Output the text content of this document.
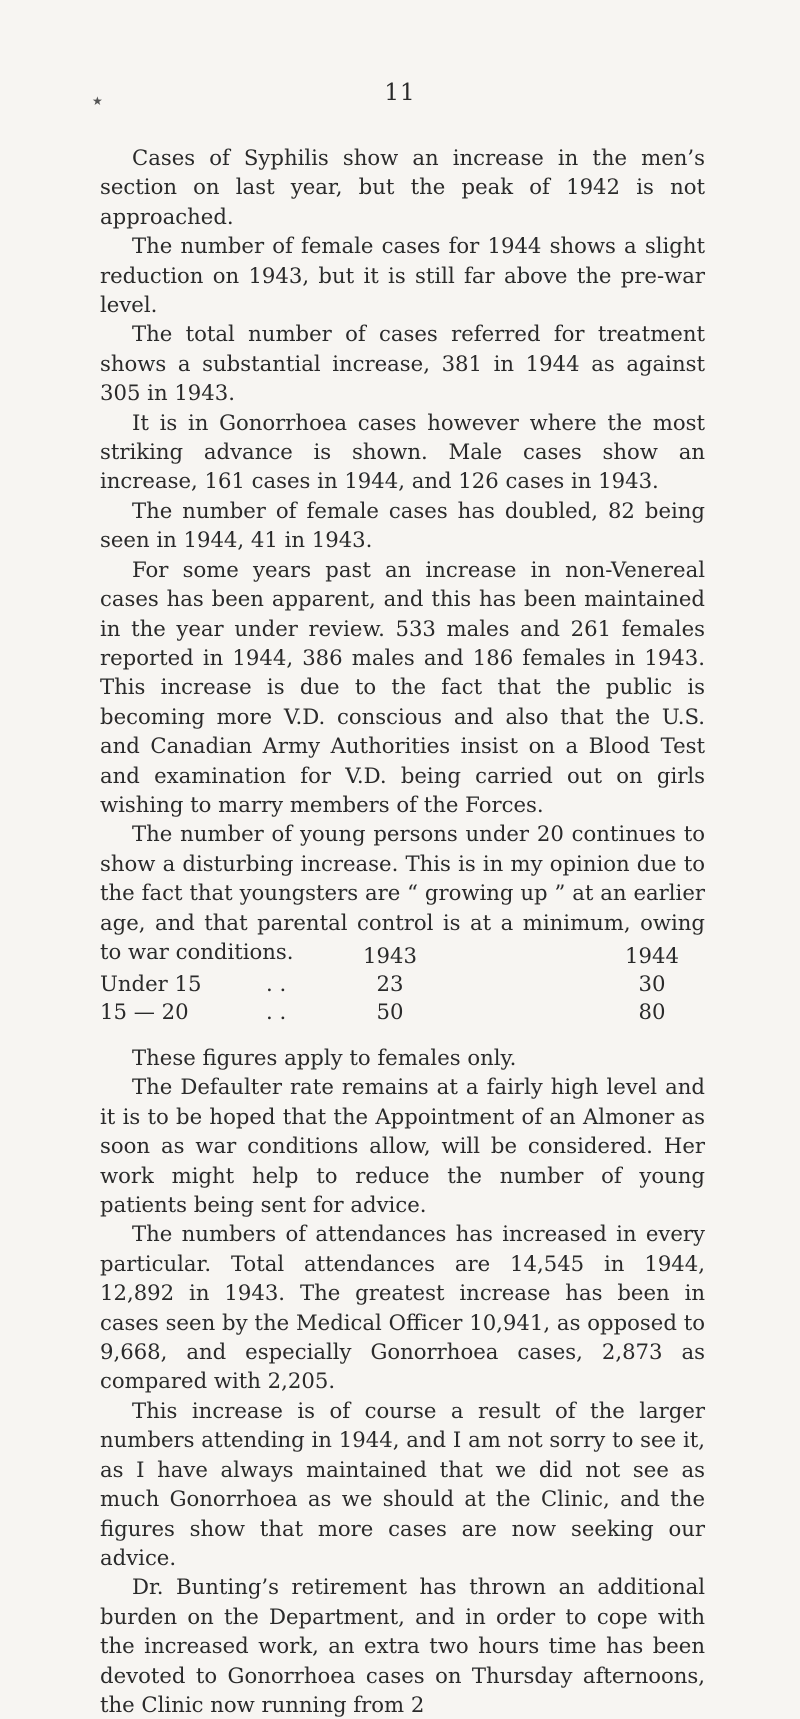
11
★

Cases of Syphilis show an increase in the men’s section on last year, but the peak of 1942 is not approached.

The number of female cases for 1944 shows a slight reduction on 1943, but it is still far above the pre-war level.

The total number of cases referred for treatment shows a substantial increase, 381 in 1944 as against 305 in 1943.

It is in Gonorrhoea cases however where the most striking advance is shown. Male cases show an increase, 161 cases in 1944, and 126 cases in 1943.

The number of female cases has doubled, 82 being seen in 1944, 41 in 1943.

For some years past an increase in non-Venereal cases has been apparent, and this has been maintained in the year under review. 533 males and 261 females reported in 1944, 386 males and 186 females in 1943. This increase is due to the fact that the public is becoming more V.D. conscious and also that the U.S. and Canadian Army Authorities insist on a Blood Test and examination for V.D. being carried out on girls wishing to marry members of the Forces.

The number of young persons under 20 continues to show a disturbing increase. This is in my opinion due to the fact that youngsters are “ growing up ” at an earlier age, and that parental control is at a minimum, owing to war conditions.	1943	1944
Under 15	. .	23	30
15 — 20	. .	50	80

These figures apply to females only.

The Defaulter rate remains at a fairly high level and it is to be hoped that the Appointment of an Almoner as soon as war conditions allow, will be considered. Her work might help to reduce the number of young patients being sent for advice.

The numbers of attendances has increased in every particular. Total attendances are 14,545 in 1944, 12,892 in 1943. The greatest increase has been in cases seen by the Medical Officer 10,941, as opposed to 9,668, and especially Gonorrhoea cases, 2,873 as compared with 2,205.

This increase is of course a result of the larger numbers attending in 1944, and I am not sorry to see it, as I have always maintained that we did not see as much Gonorrhoea as we should at the Clinic, and the figures show that more cases are now seeking our advice.

Dr. Bunting’s retirement has thrown an additional burden on the Department, and in order to cope with the increased work, an extra two hours time has been devoted to Gonorrhoea cases on Thursday afternoons, the Clinic now running from 2
